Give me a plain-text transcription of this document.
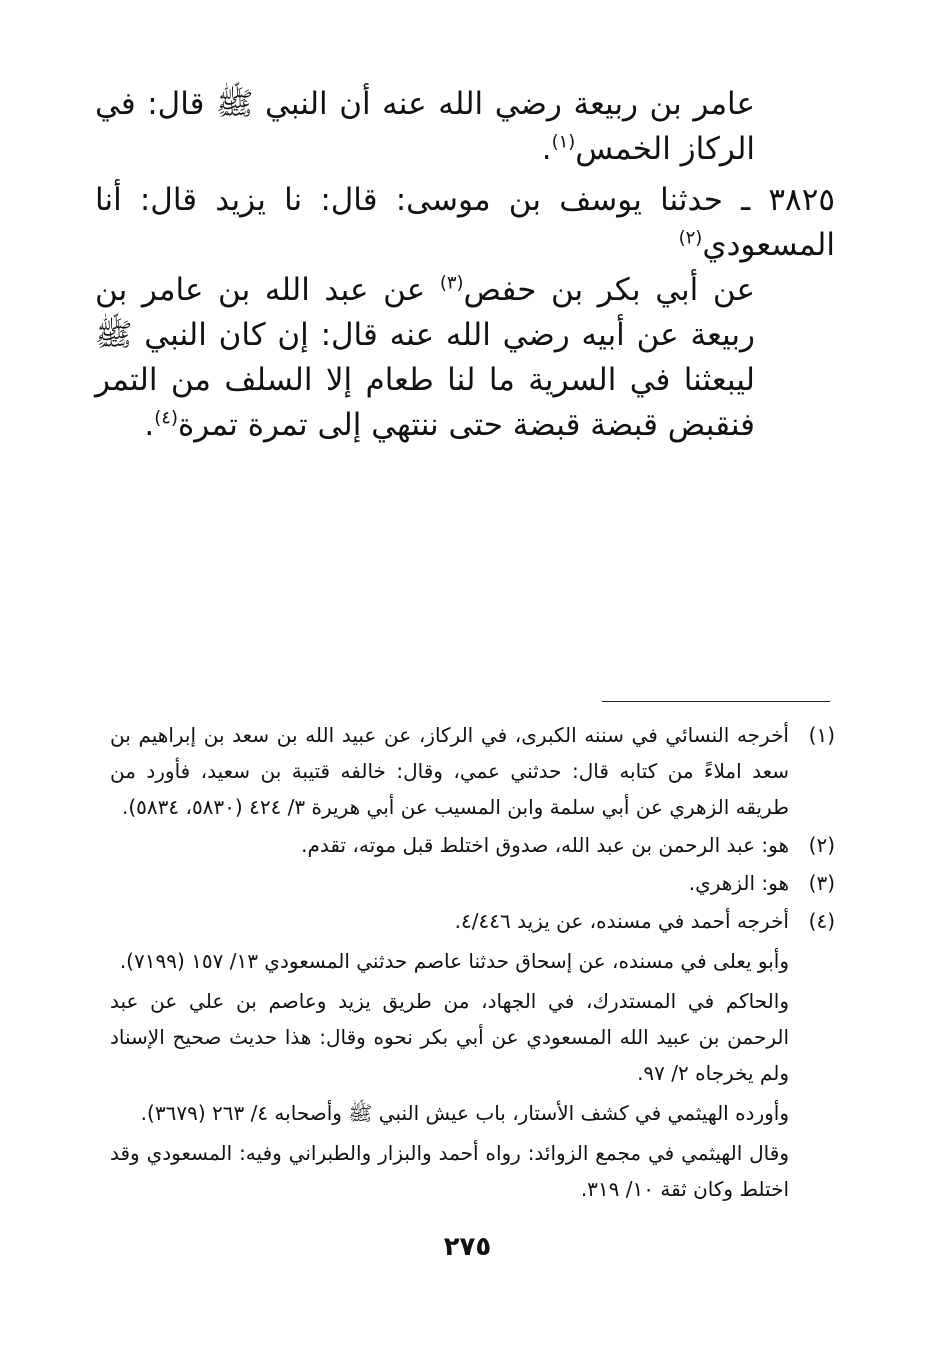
عامر بن ربيعة رضي الله عنه أن النبي ﷺ قال: في الركاز الخمس$^{(١)}$.

٣٨٢٥ ـ حدثنا يوسف بن موسى: قال: نا يزيد قال: أنا المسعودي$^{(٢)}$
عن أبي بكر بن حفص$^{(٣)}$ عن عبد الله بن عامر بن ربيعة عن أبيه رضي الله عنه قال: إن كان النبي ﷺ ليبعثنا في السرية ما لنا طعام إلا السلف من التمر فنقبض قبضة قبضة حتى ننتهي إلى تمرة تمرة$^{(٤)}$.

(١)
أخرجه النسائي في سننه الكبرى، في الركاز، عن عبيد الله بن سعد بن إبراهيم بن سعد املاءً من كتابه قال: حدثني عمي، وقال: خالفه قتيبة بن سعيد، فأورد من طريقه الزهري عن أبي سلمة وابن المسيب عن أبي هريرة ٣/ ٤٢٤ (٥٨٣٠، ٥٨٣٤).
(٢)
هو: عبد الرحمن بن عبد الله، صدوق اختلط قبل موته، تقدم.
(٣)
هو: الزهري.
(٤)
أخرجه أحمد في مسنده، عن يزيد ٤/٤٤٦.
وأبو يعلى في مسنده، عن إسحاق حدثنا عاصم حدثني المسعودي ١٣/ ١٥٧ (٧١٩٩).
والحاكم في المستدرك، في الجهاد، من طريق يزيد وعاصم بن علي عن عبد الرحمن بن عبيد الله المسعودي عن أبي بكر نحوه وقال: هذا حديث صحيح الإسناد ولم يخرجاه ٢/ ٩٧.
وأورده الهيثمي في كشف الأستار، باب عيش النبي ﷺ وأصحابه ٤/ ٢٦٣ (٣٦٧٩).
وقال الهيثمي في مجمع الزوائد: رواه أحمد والبزار والطبراني وفيه: المسعودي وقد اختلط وكان ثقة ١٠/ ٣١٩.
٢٧٥
